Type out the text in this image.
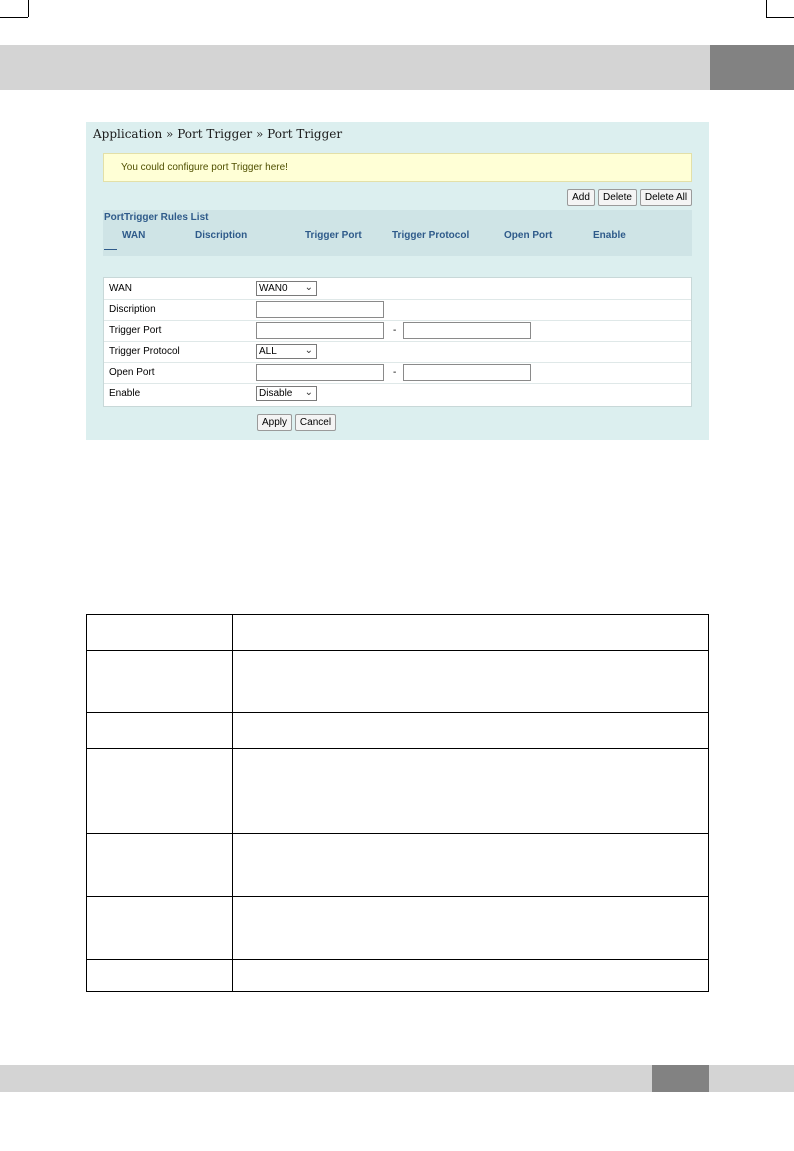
Application » Port Trigger » Port Trigger
You could configure port Trigger here!
Add	Delete	Delete All
PortTrigger Rules List
WAN	Discription	Trigger Port	Trigger Protocol	Open Port	Enable
WAN	WAN0 ⌄
Discription
Trigger Port	-
Trigger Protocol	ALL	⌄
Open Port	-
Enable	Disable ⌄
Apply	Cancel
